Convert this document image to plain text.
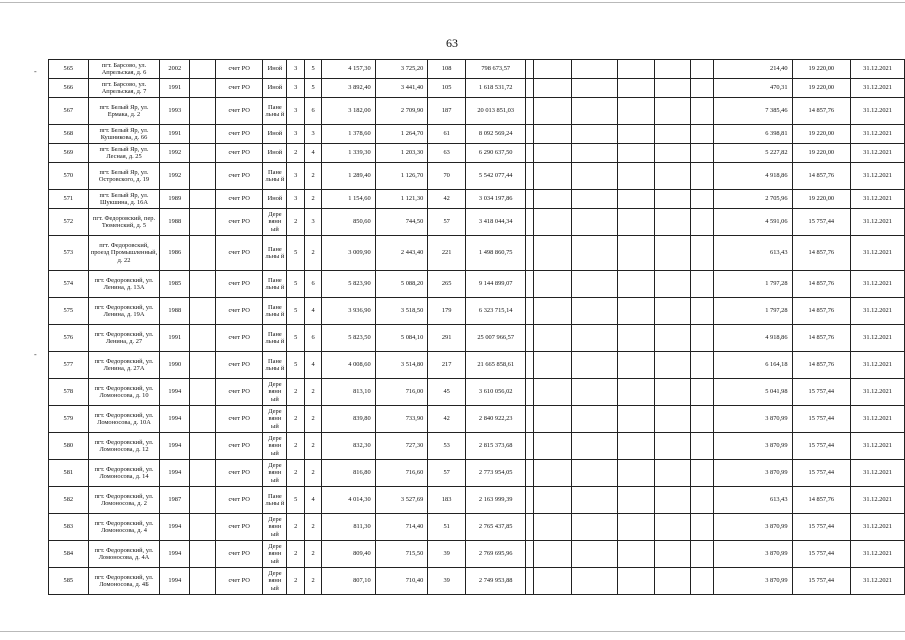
63
-
-
565	пгт. Барсово, ул. Апрельская, д. 6	2002		счет РО	Иной	3	5	4 157,30	3 725,20	108	798 673,57							214,40	19 220,00	31.12.2021
566	пгт. Барсово, ул. Апрельская, д. 7	1991		счет РО	Иной	3	5	3 892,40	3 441,40	105	1 618 531,72							470,31	19 220,00	31.12.2021
567	пгт. Белый Яр, ул. Ермака, д. 2	1993		счет РО	Пане льны й	3	6	3 182,00	2 709,90	187	20 013 851,03							7 385,46	14 857,76	31.12.2021
568	пгт. Белый Яр, ул. Кушникова, д. 66	1991		счет РО	Иной	3	3	1 378,60	1 264,70	61	8 092 569,24							6 398,81	19 220,00	31.12.2021
569	пгт. Белый Яр, ул. Лесная, д. 25	1992		счет РО	Иной	2	4	1 339,30	1 203,30	63	6 290 637,50							5 227,82	19 220,00	31.12.2021
570	пгт. Белый Яр, ул. Островского, д. 19	1992		счет РО	Пане льны й	3	2	1 289,40	1 126,70	70	5 542 077,44							4 918,86	14 857,76	31.12.2021
571	пгт. Белый Яр, ул. Шукшина, д. 16А	1989		счет РО	Иной	3	2	1 154,60	1 121,30	42	3 034 197,86							2 705,96	19 220,00	31.12.2021
572	пгт. Федоровский, пер. Тюменский, д. 5	1988		счет РО	Дере вянн ый	2	3	850,60	744,50	57	3 418 044,34							4 591,06	15 757,44	31.12.2021
573	пгт. Федоровский, проезд Промышленный, д. 22	1986		счет РО	Пане льны й	5	2	3 009,90	2 443,40	221	1 498 860,75							613,43	14 857,76	31.12.2021
574	пгт. Федоровский, ул. Ленина, д. 13А	1985		счет РО	Пане льны й	5	6	5 823,90	5 088,20	265	9 144 899,07							1 797,28	14 857,76	31.12.2021
575	пгт. Федоровский, ул. Ленина, д. 19А	1988		счет РО	Пане льны й	5	4	3 936,90	3 518,50	179	6 323 715,14							1 797,28	14 857,76	31.12.2021
576	пгт. Федоровский, ул. Ленина, д. 27	1991		счет РО	Пане льны й	5	6	5 823,50	5 084,10	291	25 007 966,57							4 918,86	14 857,76	31.12.2021
577	пгт. Федоровский, ул. Ленина, д. 27А	1990		счет РО	Пане льны й	5	4	4 008,60	3 514,80	217	21 665 858,61							6 164,18	14 857,76	31.12.2021
578	пгт. Федоровский, ул. Ломоносова, д. 10	1994		счет РО	Дере вянн ый	2	2	813,10	716,00	45	3 610 056,02							5 041,98	15 757,44	31.12.2021
579	пгт. Федоровский, ул. Ломоносова, д. 10А	1994		счет РО	Дере вянн ый	2	2	839,80	733,90	42	2 840 922,23							3 870,99	15 757,44	31.12.2021
580	пгт. Федоровский, ул. Ломоносова, д. 12	1994		счет РО	Дере вянн ый	2	2	832,30	727,30	53	2 815 373,68							3 870,99	15 757,44	31.12.2021
581	пгт. Федоровский, ул. Ломоносова, д. 14	1994		счет РО	Дере вянн ый	2	2	816,80	716,60	57	2 773 954,05							3 870,99	15 757,44	31.12.2021
582	пгт. Федоровский, ул. Ломоносова, д. 2	1987		счет РО	Пане льны й	5	4	4 014,30	3 527,69	183	2 163 999,39							613,43	14 857,76	31.12.2021
583	пгт. Федоровский, ул. Ломоносова, д. 4	1994		счет РО	Дере вянн ый	2	2	811,30	714,40	51	2 765 437,85							3 870,99	15 757,44	31.12.2021
584	пгт. Федоровский, ул. Ломоносова, д. 4А	1994		счет РО	Дере вянн ый	2	2	809,40	715,50	39	2 769 695,96							3 870,99	15 757,44	31.12.2021
585	пгт. Федоровский, ул. Ломоносова, д. 4Б	1994		счет РО	Дере вянн ый	2	2	807,10	710,40	39	2 749 953,88							3 870,99	15 757,44	31.12.2021
